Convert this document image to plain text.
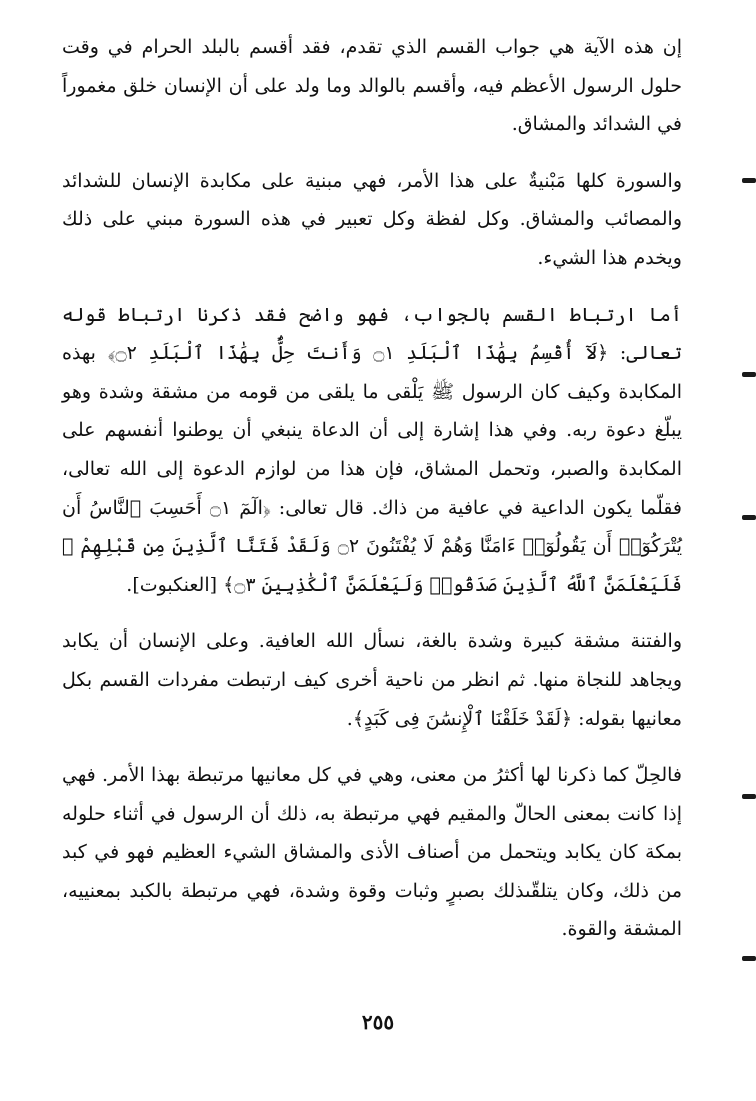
إن هذه الآية هي جواب القسم الذي تقدم، فقد أقسم بالبلد الحرام في وقت حلول الرسول الأعظم فيه، وأقسم بالوالد وما ولد على أن الإنسان خلق مغموراً في الشدائد والمشاق.

والسورة كلها مَبْنيةٌ على هذا الأمر، فهي مبنية على مكابدة الإنسان للشدائد والمصائب والمشاق. وكل لفظة وكل تعبير في هذه السورة مبني على ذلك ويخدم هذا الشيء.

أما ارتباط القسم بالجواب، فهو واضح فقد ذكرنا ارتباط قوله تعالى: ﴿لَآ أُقْسِمُ بِهَٰذَا ٱلْبَلَدِ ۝١ وَأَنتَ حِلٌّۢ بِهَٰذَا ٱلْبَلَدِ ۝٢﴾ بهذه المكابدة وكيف كان الرسول ﷺ يَلْقى ما يلقى من قومه من مشقة وشدة وهو يبلّغ دعوة ربه. وفي هذا إشارة إلى أن الدعاة ينبغي أن يوطنوا أنفسهم على المكابدة والصبر، وتحمل المشاق، فإن هذا من لوازم الدعوة إلى الله تعالى، فقلّما يكون الداعية في عافية من ذاك. قال تعالى: ﴿الٓمٓ ۝١ أَحَسِبَ ٱلنَّاسُ أَن يُتْرَكُوٓا۟ أَن يَقُولُوٓا۟ ءَامَنَّا وَهُمْ لَا يُفْتَنُونَ ۝٢ وَلَقَدْ فَتَنَّا ٱلَّذِينَ مِن قَبْلِهِمْ ۖ فَلَيَعْلَمَنَّ ٱللَّهُ ٱلَّذِينَ صَدَقُوا۟ وَلَيَعْلَمَنَّ ٱلْكَٰذِبِينَ ۝٣﴾ [العنكبوت].

والفتنة مشقة كبيرة وشدة بالغة، نسأل الله العافية. وعلى الإنسان أن يكابد ويجاهد للنجاة منها. ثم انظر من ناحية أخرى كيف ارتبطت مفردات القسم بكل معانيها بقوله: ﴿لَقَدْ خَلَقْنَا ٱلْإِنسَٰنَ فِى كَبَدٍ﴾.

فالحِلّ كما ذكرنا لها أكثرُ من معنى، وهي في كل معانيها مرتبطة بهذا الأمر. فهي إذا كانت بمعنى الحالّ والمقيم فهي مرتبطة به، ذلك أن الرسول في أثناء حلوله بمكة كان يكابد ويتحمل من أصناف الأذى والمشاق الشيء العظيم فهو في كبد من ذلك، وكان يتلقّىذلك بصبرٍ وثبات وقوة وشدة، فهي مرتبطة بالكبد بمعنييه، المشقة والقوة.

٢٥٥
